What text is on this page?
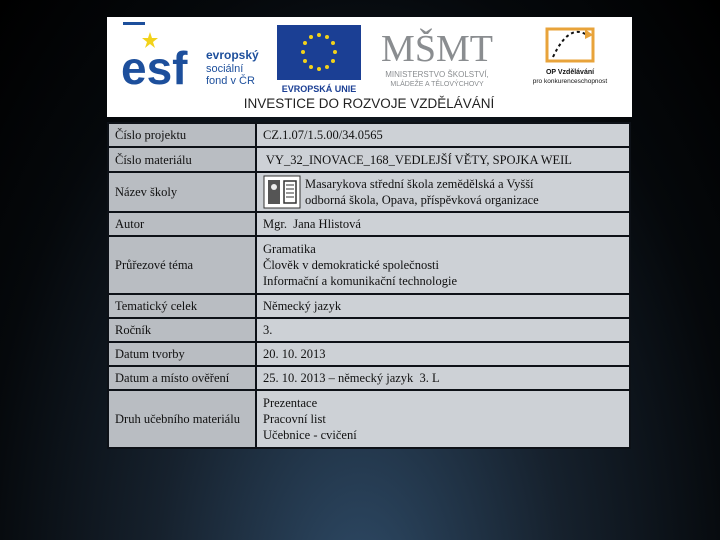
esf evropský
sociální
fond v ČR
EVROPSKÁ UNIE
MŠMT
MINISTERSTVO ŠKOLSTVÍ,
MLÁDEŽE A TĚLOVÝCHOVY
OP Vzdělávání
pro konkurenceschopnost
INVESTICE DO ROZVOJE VZDĚLÁVÁNÍ
Číslo projektu	CZ.1.07/1.5.00/34.0565

Číslo materiálu	VY_32_INOVACE_168_VEDLEJŠÍ VĚTY, SPOJKA WEIL

Název školy	Masarykova střední škola zemědělská a Vyšší
odborná škola, Opava, příspěvková organizace

Autor	Mgr.  Jana Hlistová

Průřezové téma	Gramatika
Člověk v demokratické společnosti
Informační a komunikační technologie

Tematický celek	Německý jazyk

Ročník	3.

Datum tvorby	20. 10. 2013

Datum a místo ověření	25. 10. 2013 – německý jazyk  3. L

Druh učebního materiálu	Prezentace
Pracovní list
Učebnice - cvičení
